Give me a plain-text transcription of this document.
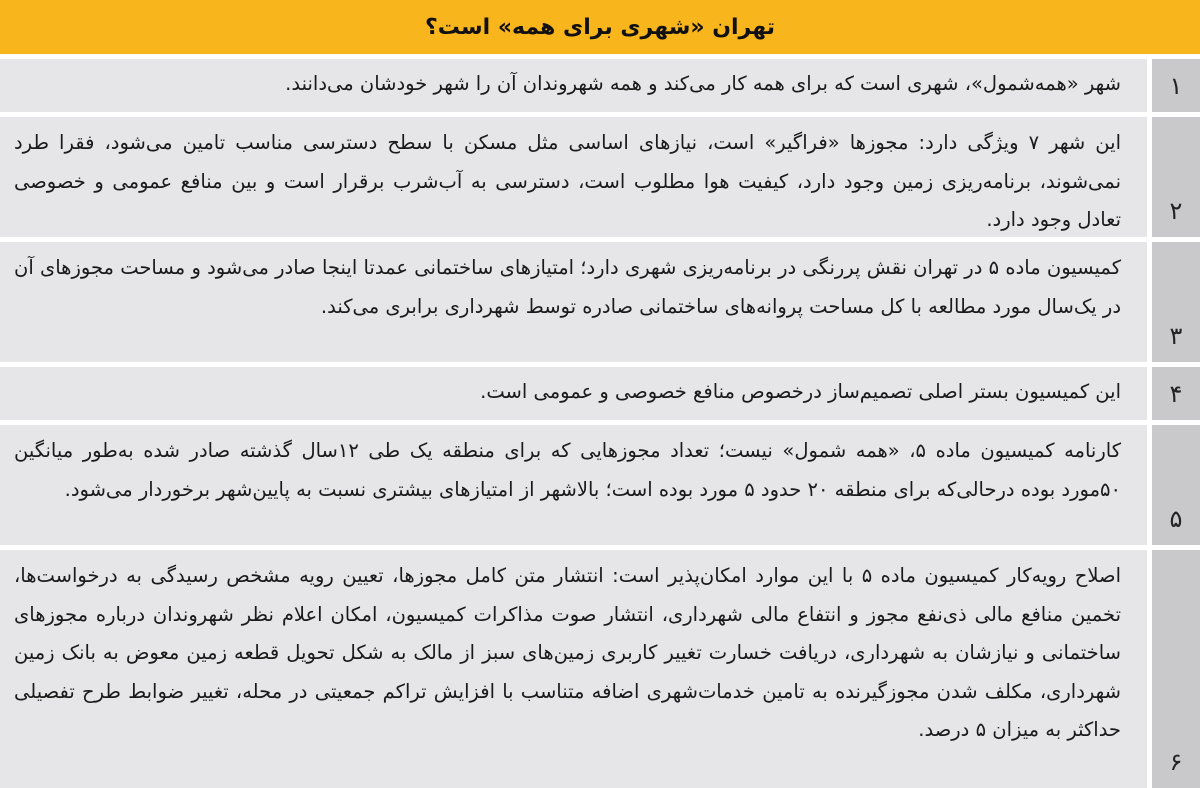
تهران «شهری برای همه» است؟
۱
شهر «همه‌شمول»، شهری است که برای همه کار می‌کند و همه شهروندان آن را شهر خودشان می‌دانند.
۲
این شهر ۷ ویژگی دارد: مجوزها «فراگیر» است، نیازهای اساسی مثل مسکن با سطح دسترسی مناسب تامین می‌شود، فقرا طرد نمی‌شوند، برنامه‌ریزی زمین وجود دارد، کیفیت هوا مطلوب است، دسترسی به آب‌شرب برقرار است و بین منافع عمومی و خصوصی تعادل وجود دارد.
۳
کمیسیون ماده ۵ در تهران نقش پررنگی در برنامه‌ریزی شهری دارد؛ امتیازهای ساختمانی عمدتا اینجا صادر می‌شود و مساحت مجوزهای آن در یک‌سال مورد مطالعه با کل مساحت پروانه‌های ساختمانی صادره توسط شهرداری برابری می‌کند.
۴
این کمیسیون بستر اصلی تصمیم‌ساز درخصوص منافع خصوصی و عمومی است.
۵
کارنامه کمیسیون ماده ۵، «همه شمول» نیست؛ تعداد مجوزهایی که برای منطقه یک طی ۱۲سال گذشته صادر شده به‌طور میانگین ۵۰مورد بوده درحالی‌که برای منطقه ۲۰ حدود ۵ مورد بوده است؛ بالاشهر از امتیازهای بیشتری نسبت به پایین‌شهر برخوردار می‌شود.
۶
اصلاح رویه‌کار کمیسیون ماده ۵ با این موارد امکان‌پذیر است: انتشار متن کامل مجوزها، تعیین رویه مشخص رسیدگی به درخواست‌ها، تخمین منافع مالی ذی‌نفع مجوز و انتفاع مالی شهرداری، انتشار صوت مذاکرات کمیسیون، امکان اعلام نظر شهروندان درباره مجوزهای ساختمانی و نیازشان به شهرداری، دریافت خسارت تغییر کاربری زمین‌های سبز از مالک به شکل تحویل قطعه زمین معوض به بانک زمین شهرداری، مکلف شدن مجوزگیرنده به تامین خدمات‌شهری اضافه متناسب با افزایش تراکم جمعیتی در محله، تغییر ضوابط طرح تفصیلی حداکثر به میزان ۵ درصد.
